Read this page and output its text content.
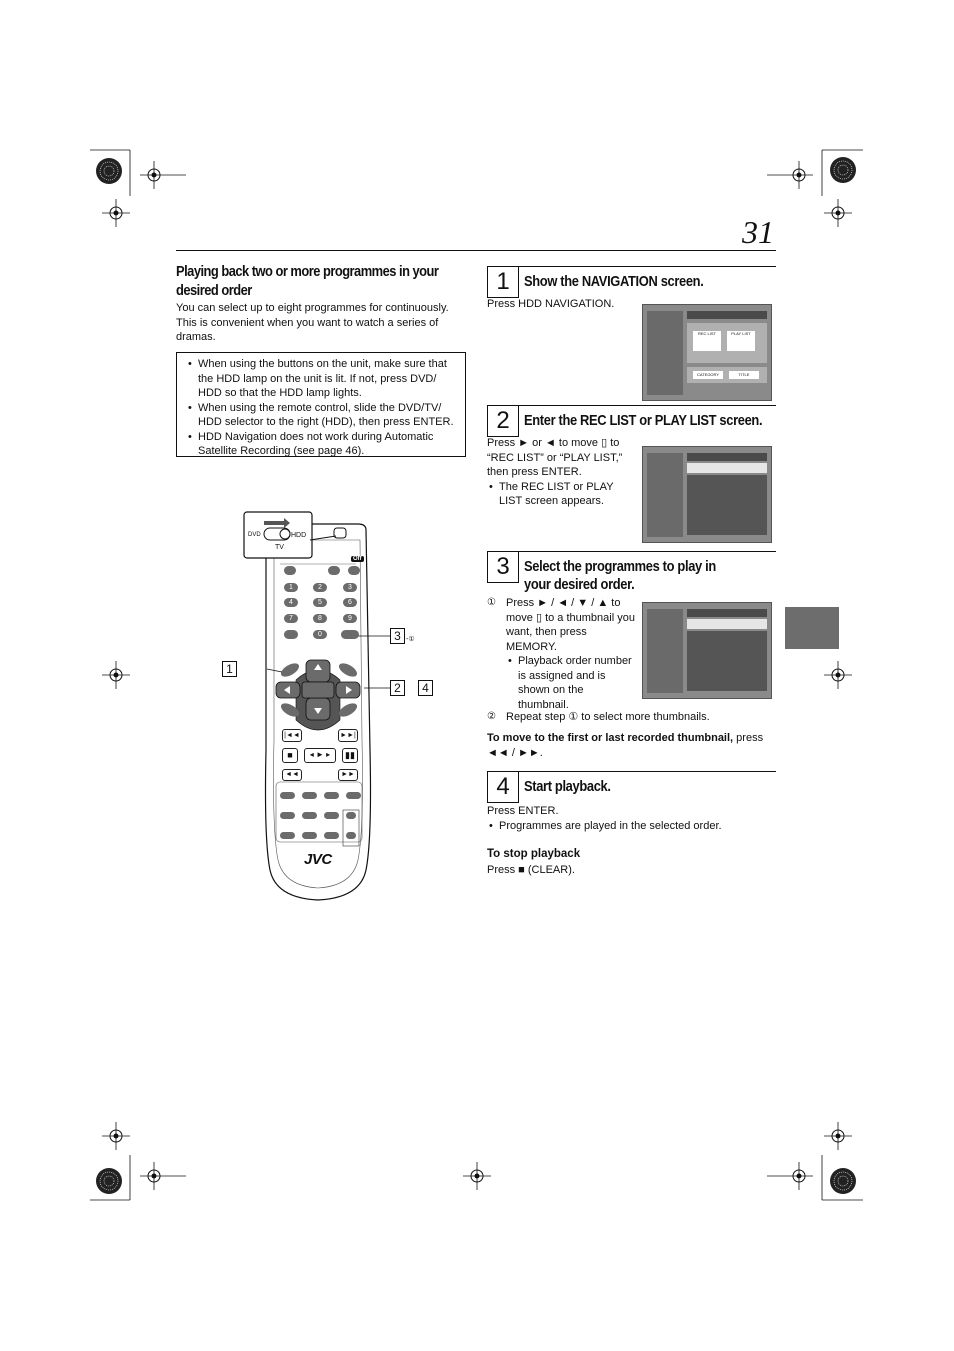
31
Playing back two or more programmes in your desired order
You can select up to eight programmes for continuously. This is convenient when you want to watch a series of dramas.
• When using the buttons on the unit, make sure that the HDD lamp on the unit is lit. If not, press DVD/ HDD so that the HDD lamp lights.
• When using the remote control, slide the DVD/TV/ HDD selector to the right (HDD), then press ENTER.
• HDD Navigation does not work during Automatic Satellite Recording (see page 46).
DVD	HDD
TV
Off
1	2	3
4	5	6
7	8	9
0
|◄◄	►►|
■	◂ ► ▸	▮▮
◄◄	►►
JVC
1
3 -①
2	4
1 Show the NAVIGATION screen.
Press HDD NAVIGATION.
REC LIST	PLAY LIST
CATEGORY	TITLE
2 Enter the REC LIST or PLAY LIST screen.
Press ► or ◄ to move ▯ to “REC LIST” or “PLAY LIST,” then press ENTER.
• The REC LIST or PLAY LIST screen appears.
3 Select the programmes to play in your desired order.
① Press ► / ◄ / ▼ / ▲ to move ▯ to a thumbnail you want, then press MEMORY.
• Playback order number is assigned and is shown on the thumbnail.
② Repeat step ① to select more thumbnails.
To move to the first or last recorded thumbnail, press ◄◄ / ►►.
4 Start playback.
Press ENTER.
• Programmes are played in the selected order.
To stop playback
Press ■ (CLEAR).
